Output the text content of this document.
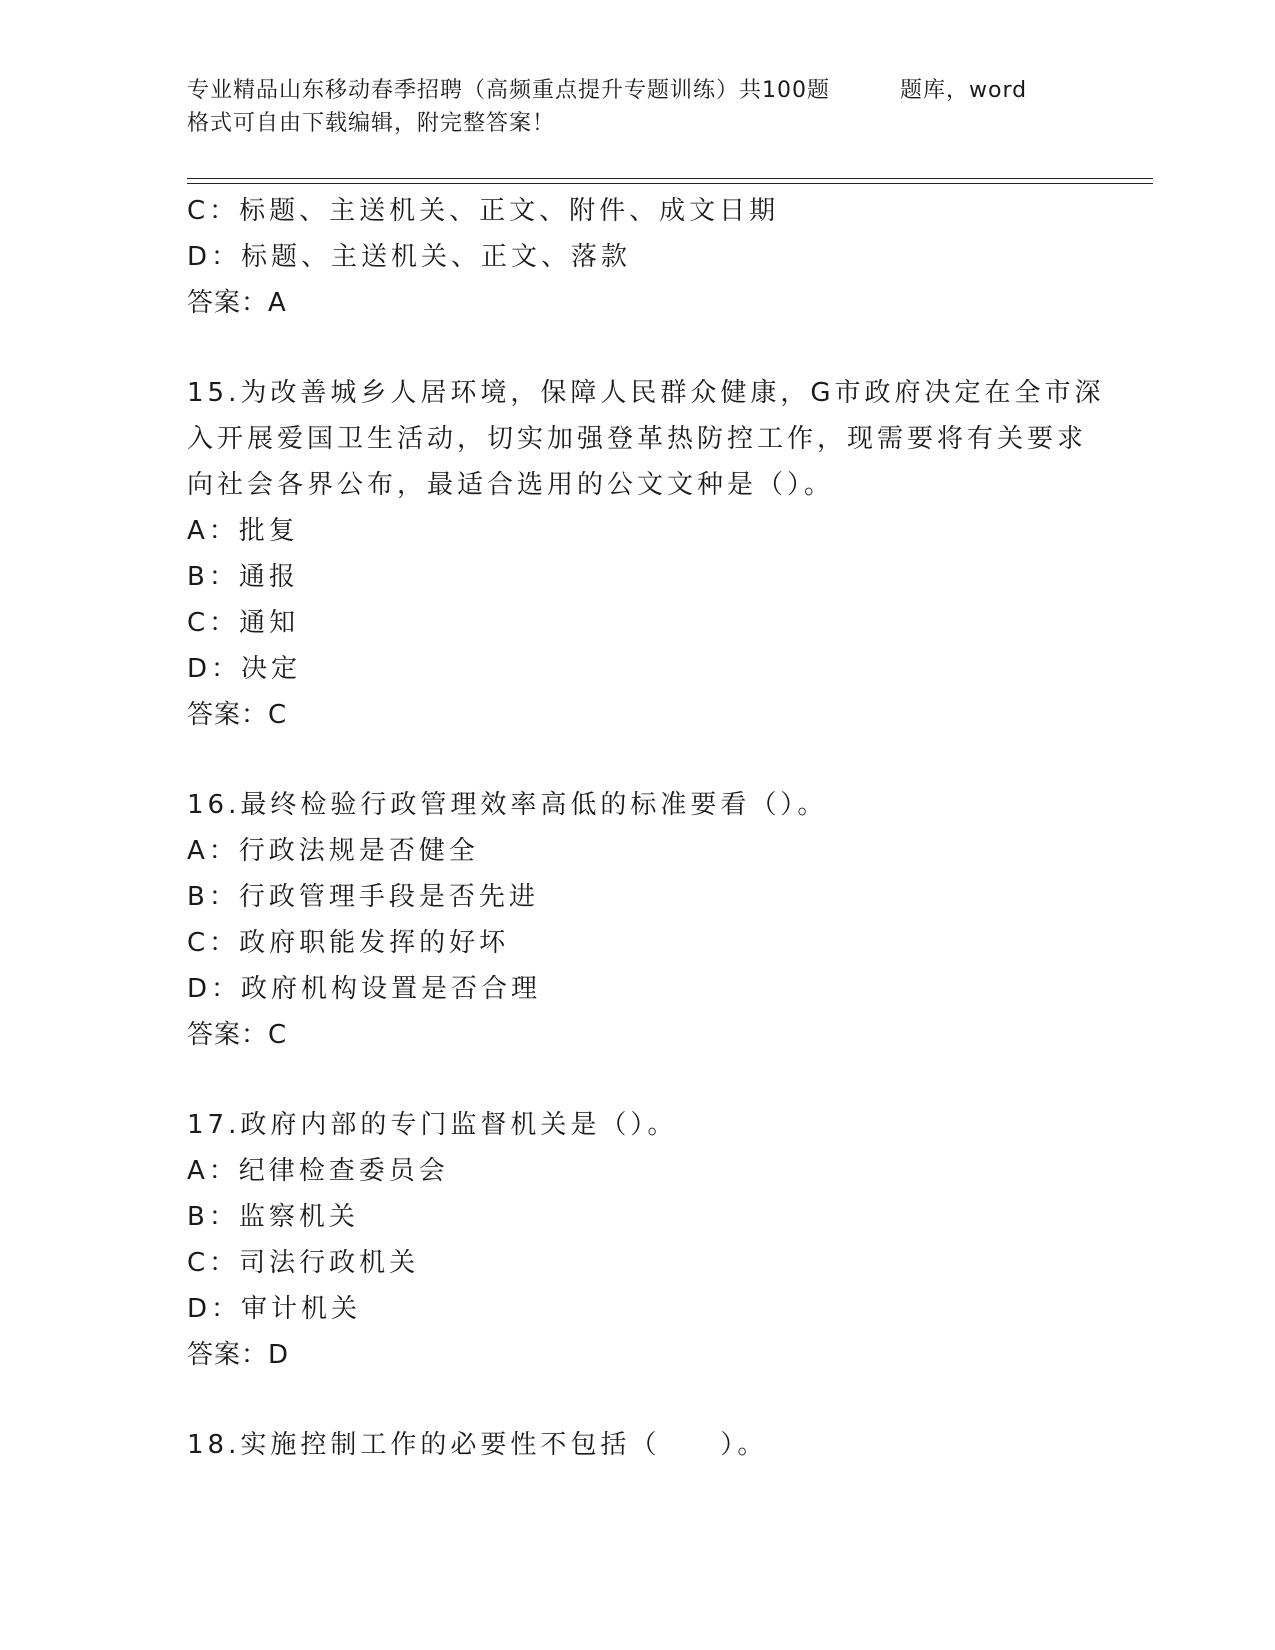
专业精品山东移动春季招聘（高频重点提升专题训练）共100题	题库，word
格式可自由下载编辑，附完整答案！
C：标题、主送机关、正文、附件、成文日期
D：标题、主送机关、正文、落款
答案：A
15.为改善城乡人居环境，保障人民群众健康，G市政府决定在全市深
入开展爱国卫生活动，切实加强登革热防控工作，现需要将有关要求
向社会各界公布，最适合选用的公文文种是（）。
A：批复
B：通报
C：通知
D：决定
答案：C
16.最终检验行政管理效率高低的标准要看（）。
A：行政法规是否健全
B：行政管理手段是否先进
C：政府职能发挥的好坏
D：政府机构设置是否合理
答案：C
17.政府内部的专门监督机关是（）。
A：纪律检查委员会
B：监察机关
C：司法行政机关
D：审计机关
答案：D
18.实施控制工作的必要性不包括（　　）。
